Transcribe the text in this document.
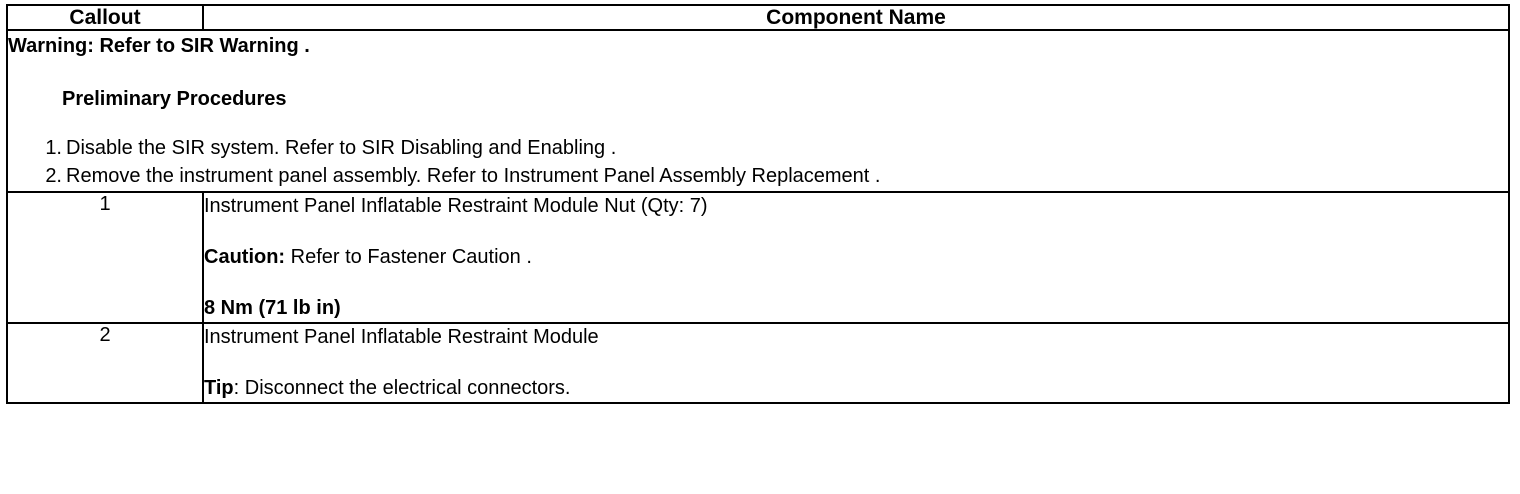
Callout	Component Name

Warning: Refer to SIR Warning .
Preliminary Procedures
1. Disable the SIR system. Refer to SIR Disabling and Enabling .
2. Remove the instrument panel assembly. Refer to Instrument Panel Assembly Replacement .

1	Instrument Panel Inflatable Restraint Module Nut (Qty: 7)

Caution: Refer to Fastener Caution .

8 Nm (71 lb in)

2	Instrument Panel Inflatable Restraint Module

Tip: Disconnect the electrical connectors.
